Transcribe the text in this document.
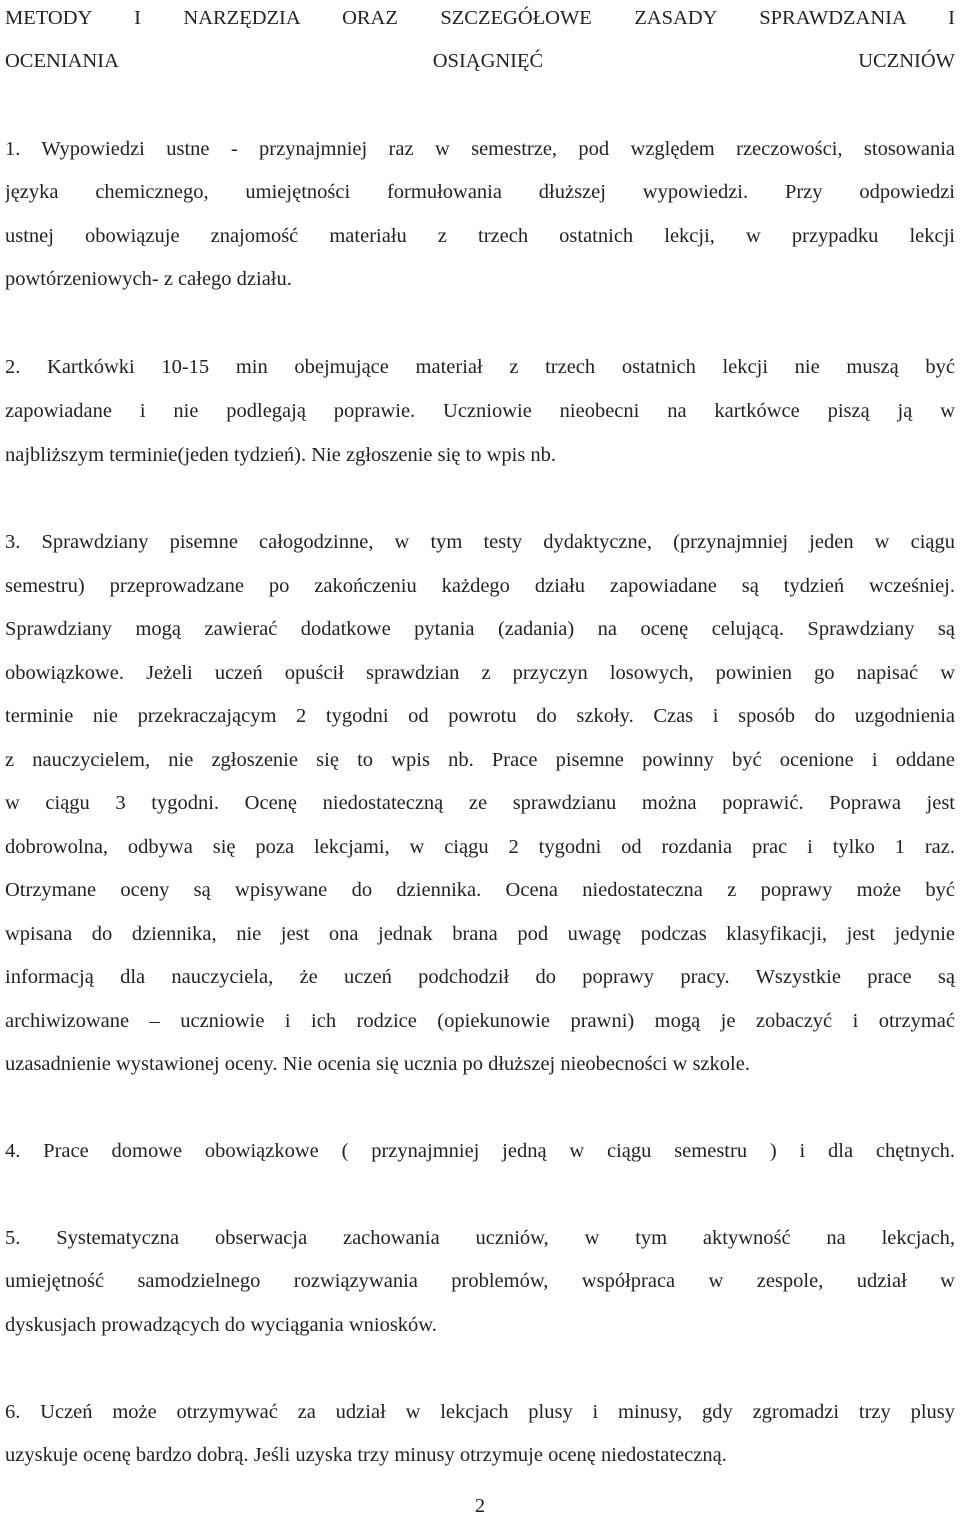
METODY I NARZĘDZIA ORAZ SZCZEGÓŁOWE ZASADY SPRAWDZANIA I
OCENIANIA OSIĄGNIĘĆ UCZNIÓW
1. Wypowiedzi ustne - przynajmniej raz w semestrze, pod względem rzeczowości, stosowania
języka chemicznego, umiejętności formułowania dłuższej wypowiedzi. Przy odpowiedzi
ustnej obowiązuje znajomość materiału z trzech ostatnich lekcji, w przypadku lekcji
powtórzeniowych- z całego działu.
2. Kartkówki 10-15 min obejmujące materiał z trzech ostatnich lekcji nie muszą być
zapowiadane i nie podlegają poprawie. Uczniowie nieobecni na kartkówce piszą ją w
najbliższym terminie(jeden tydzień). Nie zgłoszenie się to wpis nb.
3. Sprawdziany pisemne całogodzinne, w tym testy dydaktyczne, (przynajmniej jeden w ciągu
semestru) przeprowadzane po zakończeniu każdego działu zapowiadane są tydzień wcześniej.
Sprawdziany mogą zawierać dodatkowe pytania (zadania) na ocenę celującą. Sprawdziany są
obowiązkowe. Jeżeli uczeń opuścił sprawdzian z przyczyn losowych, powinien go napisać w
terminie nie przekraczającym 2 tygodni od powrotu do szkoły. Czas i sposób do uzgodnienia
z nauczycielem, nie zgłoszenie się to wpis nb. Prace pisemne powinny być ocenione i oddane
w ciągu 3 tygodni. Ocenę niedostateczną ze sprawdzianu można poprawić. Poprawa jest
dobrowolna, odbywa się poza lekcjami, w ciągu 2 tygodni od rozdania prac i tylko 1 raz.
Otrzymane oceny są wpisywane do dziennika. Ocena niedostateczna z poprawy może być
wpisana do dziennika, nie jest ona jednak brana pod uwagę podczas klasyfikacji, jest jedynie
informacją dla nauczyciela, że uczeń podchodził do poprawy pracy. Wszystkie prace są
archiwizowane – uczniowie i ich rodzice (opiekunowie prawni) mogą je zobaczyć i otrzymać
uzasadnienie wystawionej oceny. Nie ocenia się ucznia po dłuższej nieobecności w szkole.
4. Prace domowe obowiązkowe ( przynajmniej jedną w ciągu semestru ) i dla chętnych.
5. Systematyczna obserwacja zachowania uczniów, w tym aktywność na lekcjach,
umiejętność samodzielnego rozwiązywania problemów, współpraca w zespole, udział w
dyskusjach prowadzących do wyciągania wniosków.
6. Uczeń może otrzymywać za udział w lekcjach plusy i minusy, gdy zgromadzi trzy plusy
uzyskuje ocenę bardzo dobrą. Jeśli uzyska trzy minusy otrzymuje ocenę niedostateczną.
2
